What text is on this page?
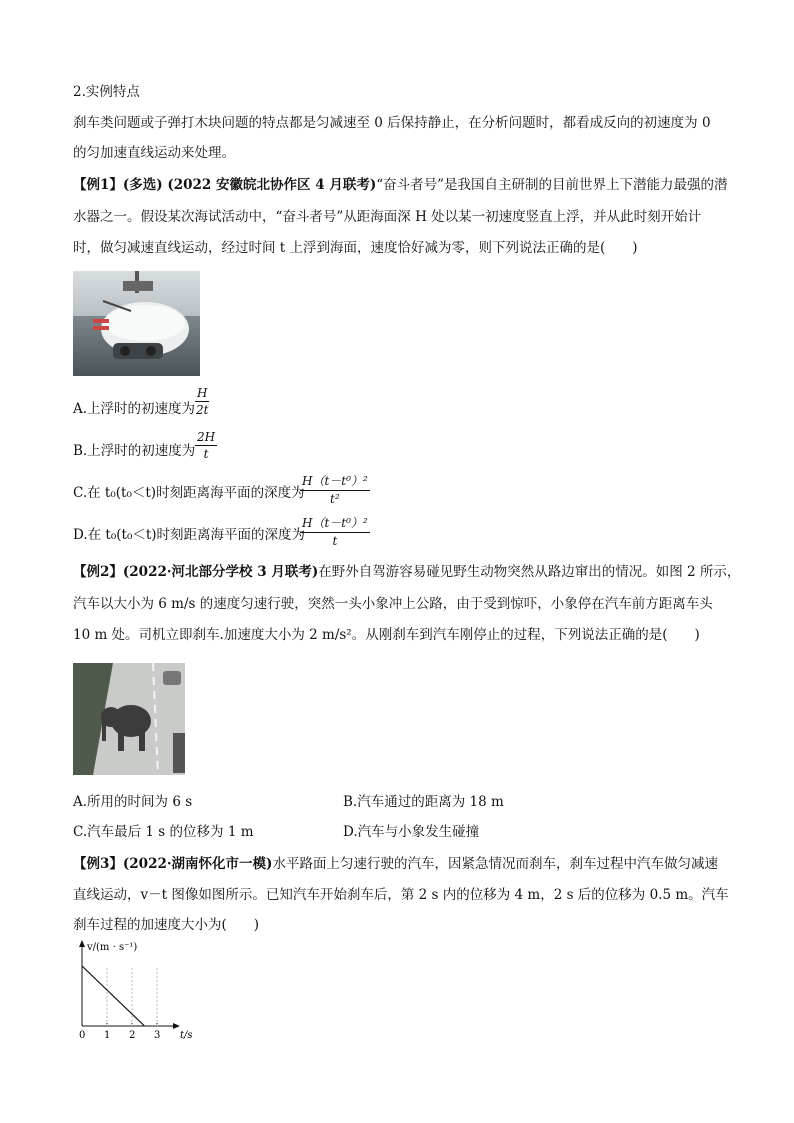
2.实例特点
刹车类问题或子弹打木块问题的特点都是匀减速至 0 后保持静止，在分析问题时，都看成反向的初速度为 0
的匀加速直线运动来处理。
【例1】(多选) (2022 安徽皖北协作区 4 月联考)“奋斗者号”是我国自主研制的目前世界上下潜能力最强的潜
水器之一。假设某次海试活动中，“奋斗者号”从距海面深 H 处以某一初速度竖直上浮，并从此时刻开始计
时，做匀减速直线运动，经过时间 t 上浮到海面，速度恰好减为零，则下列说法正确的是(　　)
A.上浮时的初速度为 $\frac{H}{2t}$
B.上浮时的初速度为 $\frac{2H}{t}$
C.在 t₀(t₀＜t)时刻距离海平面的深度为
$\frac{\text{H（t－t⁰）²}}{\text{t²}}$
D.在 t₀(t₀＜t)时刻距离海平面的深度为
$\frac{\text{H（t－t⁰）²}}{t}$
【例2】(2022·河北部分学校 3 月联考)在野外自驾游容易碰见野生动物突然从路边窜出的情况。如图 2 所示，
汽车以大小为 6 m/s 的速度匀速行驶，突然一头小象冲上公路，由于受到惊吓，小象停在汽车前方距离车头
10 m 处。司机立即刹车.加速度大小为 2 m/s²。从刚刹车到汽车刚停止的过程，下列说法正确的是(　　)
A.所用的时间为 6 s	B.汽车通过的距离为 18 m
C.汽车最后 1 s 的位移为 1 m	D.汽车与小象发生碰撞
【例3】(2022·湖南怀化市一模)水平路面上匀速行驶的汽车，因紧急情况而刹车，刹车过程中汽车做匀减速
直线运动，v－t 图像如图所示。已知汽车开始刹车后，第 2 s 内的位移为 4 m，2 s 后的位移为 0.5 m。汽车
刹车过程的加速度大小为(　　)
v/(m · s⁻¹)
t/s
0 1 2 3
